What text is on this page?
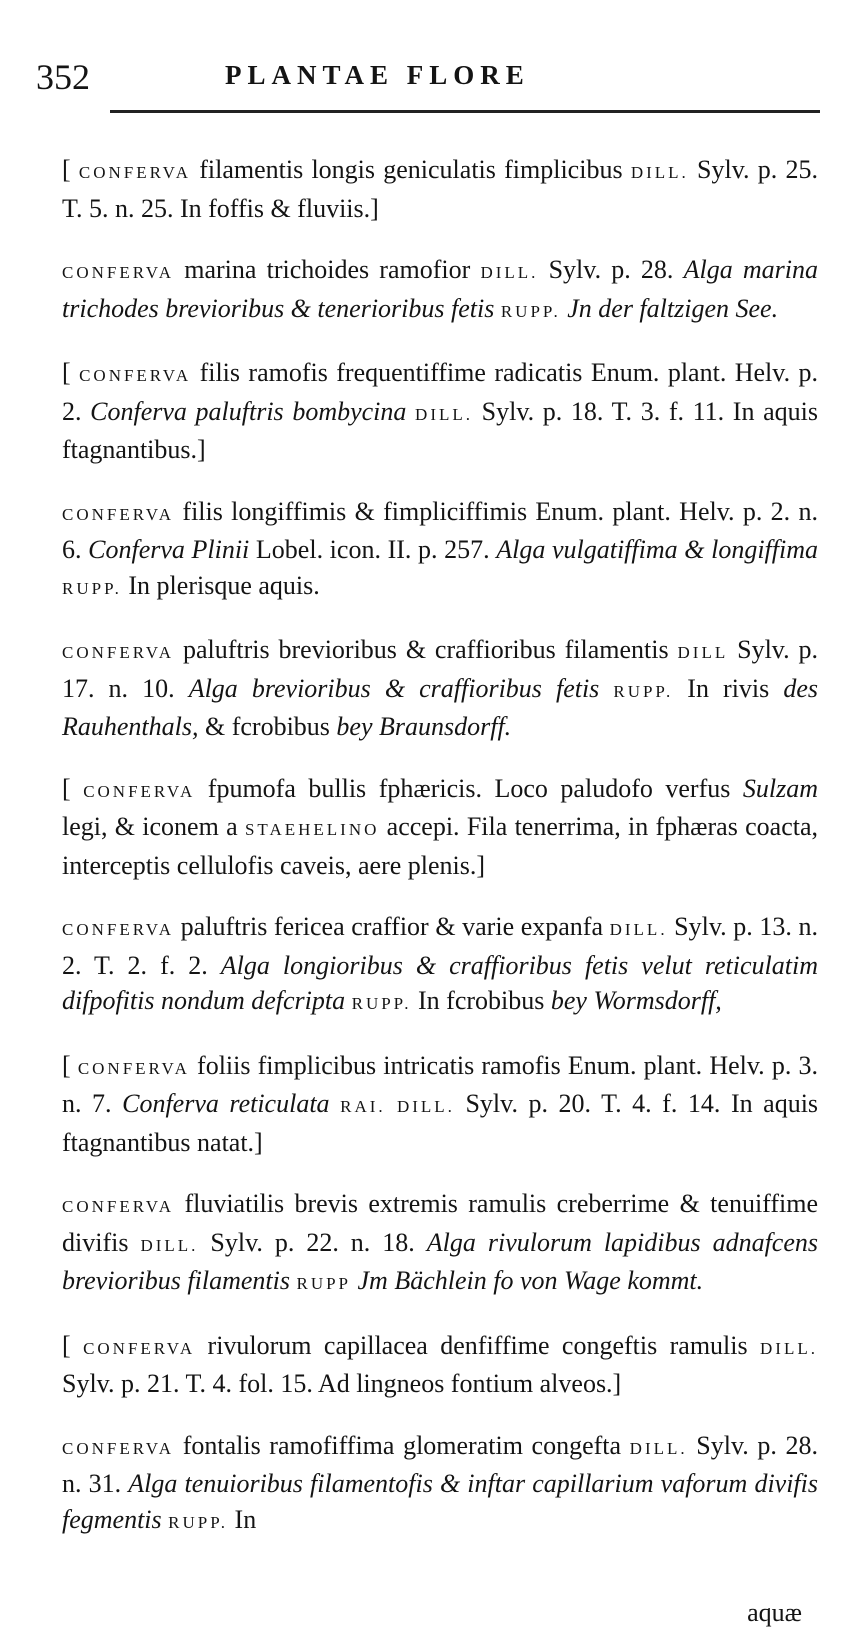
352	PLANTAE FLORE

[ CONFERVA filamentis longis geniculatis fimplicibus DILL. Sylv. p. 25. T. 5. n. 25. In foffis & fluviis.]

CONFERVA marina trichoides ramofior DILL. Sylv. p. 28. Alga marina trichodes brevioribus & tenerioribus fetis RUPP. Jn der faltzigen See.

[ CONFERVA filis ramofis frequentiffime radicatis Enum. plant. Helv. p. 2. Conferva paluftris bombycina DILL. Sylv. p. 18. T. 3. f. 11. In aquis ftagnantibus.]

CONFERVA filis longiffimis & fimpliciffimis Enum. plant. Helv. p. 2. n. 6. Conferva Plinii Lobel. icon. II. p. 257. Alga vulgatiffima & longiffima RUPP. In plerisque aquis.

CONFERVA paluftris brevioribus & craffioribus filamentis DILL Sylv. p. 17. n. 10. Alga brevioribus & craffioribus fetis RUPP. In rivis des Rauhenthals, & fcrobibus bey Braunsdorff.

[ CONFERVA fpumofa bullis fphæricis. Loco paludofo verfus Sulzam legi, & iconem a STAEHELINO accepi. Fila tenerrima, in fphæras coacta, interceptis cellulofis caveis, aere plenis.]

CONFERVA paluftris fericea craffior & varie expanfa DILL. Sylv. p. 13. n. 2. T. 2. f. 2. Alga longioribus & craffioribus fetis velut reticulatim difpofitis nondum defcripta RUPP. In fcrobibus bey Wormsdorff,

[ CONFERVA foliis fimplicibus intricatis ramofis Enum. plant. Helv. p. 3. n. 7. Conferva reticulata RAI. DILL. Sylv. p. 20. T. 4. f. 14. In aquis ftagnantibus natat.]

CONFERVA fluviatilis brevis extremis ramulis creberrime & tenuiffime divifis DILL. Sylv. p. 22. n. 18. Alga rivulorum lapidibus adnafcens brevioribus filamentis RUPP Jm Bächlein fo von Wage kommt.

[ CONFERVA rivulorum capillacea denfiffime congeftis ramulis DILL. Sylv. p. 21. T. 4. fol. 15. Ad lingneos fontium alveos.]

CONFERVA fontalis ramofiffima glomeratim congefta DILL. Sylv. p. 28. n. 31. Alga tenuioribus filamentofis & inftar capillarium vaforum divifis fegmentis RUPP. In

aquæ
